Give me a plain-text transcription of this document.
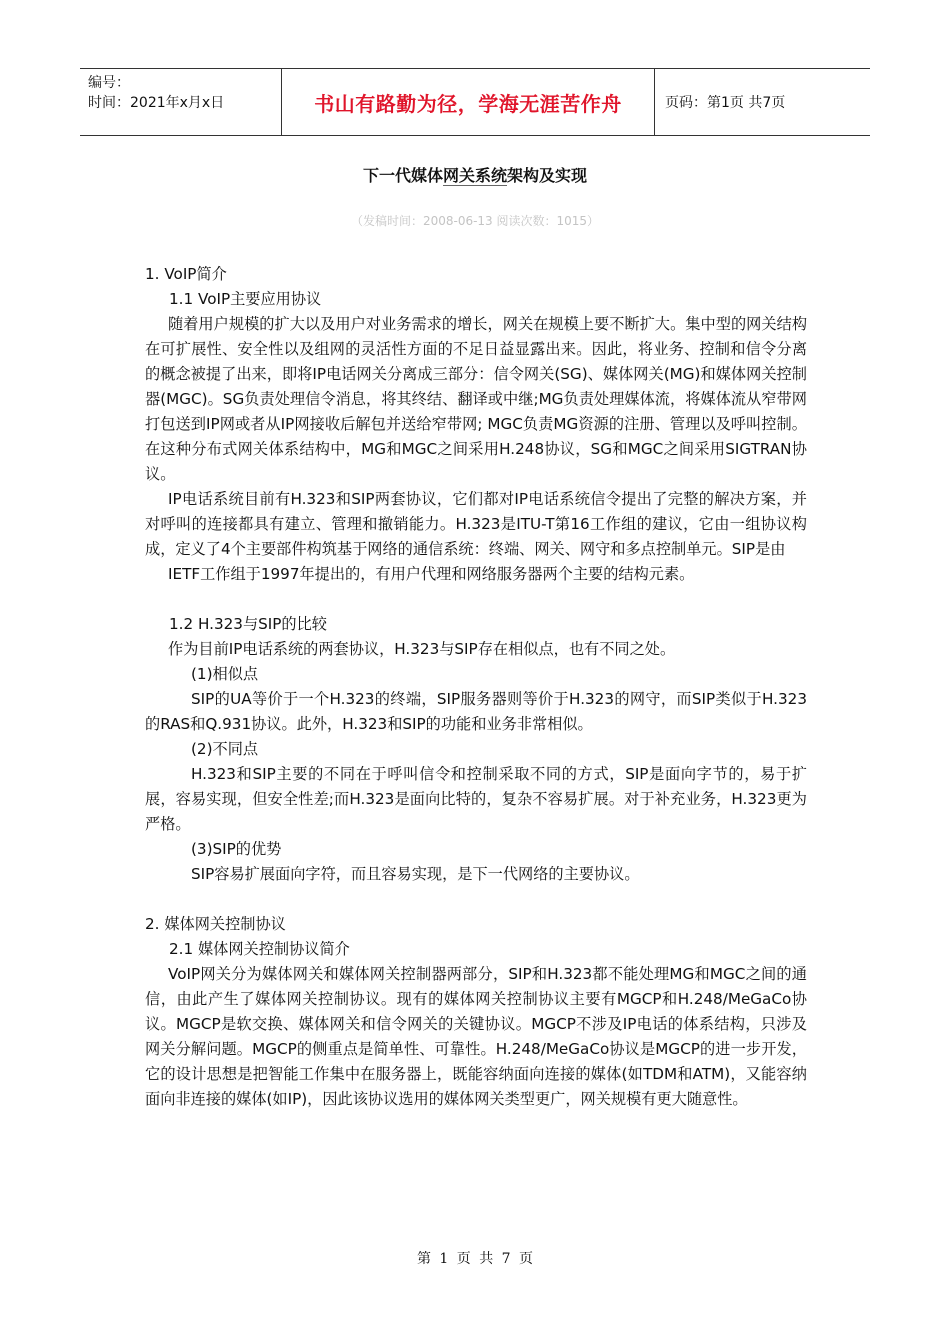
编号：
时间：2021年x月x日	书山有路勤为径，学海无涯苦作舟	页码：第1页 共7页
下一代媒体网关系统架构及实现
（发稿时间：2008-06-13 阅读次数：1015）

1. VoIP简介

1.1 VoIP主要应用协议

随着用户规模的扩大以及用户对业务需求的增长，网关在规模上要不断扩大。集中型的网关结构在可扩展性、安全性以及组网的灵活性方面的不足日益显露出来。因此，将业务、控制和信令分离的概念被提了出来，即将IP电话网关分离成三部分：信令网关(SG)、媒体网关(MG)和媒体网关控制器(MGC)。SG负责处理信令消息，将其终结、翻译或中继;MG负责处理媒体流，将媒体流从窄带网打包送到IP网或者从IP网接收后解包并送给窄带网; MGC负责MG资源的注册、管理以及呼叫控制。在这种分布式网关体系结构中，MG和MGC之间采用H.248协议，SG和MGC之间采用SIGTRAN协议。

IP电话系统目前有H.323和SIP两套协议，它们都对IP电话系统信令提出了完整的解决方案，并对呼叫的连接都具有建立、管理和撤销能力。H.323是ITU-T第16工作组的建议，它由一组协议构成，定义了4个主要部件构筑基于网络的通信系统：终端、网关、网守和多点控制单元。SIP是由

IETF工作组于1997年提出的，有用户代理和网络服务器两个主要的结构元素。

1.2 H.323与SIP的比较

作为目前IP电话系统的两套协议，H.323与SIP存在相似点，也有不同之处。

(1)相似点

SIP的UA等价于一个H.323的终端，SIP服务器则等价于H.323的网守，而SIP类似于H.323的RAS和Q.931协议。此外，H.323和SIP的功能和业务非常相似。

(2)不同点

H.323和SIP主要的不同在于呼叫信令和控制采取不同的方式，SIP是面向字节的，易于扩展，容易实现，但安全性差;而H.323是面向比特的，复杂不容易扩展。对于补充业务，H.323更为严格。

(3)SIP的优势

SIP容易扩展面向字符，而且容易实现，是下一代网络的主要协议。

2. 媒体网关控制协议

2.1 媒体网关控制协议简介

VoIP网关分为媒体网关和媒体网关控制器两部分，SIP和H.323都不能处理MG和MGC之间的通信，由此产生了媒体网关控制协议。现有的媒体网关控制协议主要有MGCP和H.248/MeGaCo协议。MGCP是软交换、媒体网关和信令网关的关键协议。MGCP不涉及IP电话的体系结构，只涉及网关分解问题。MGCP的侧重点是简单性、可靠性。H.248/MeGaCo协议是MGCP的进一步开发，它的设计思想是把智能工作集中在服务器上，既能容纳面向连接的媒体(如TDM和ATM)，又能容纳面向非连接的媒体(如IP)，因此该协议选用的媒体网关类型更广，网关规模有更大随意性。

第 1 页 共 7 页
